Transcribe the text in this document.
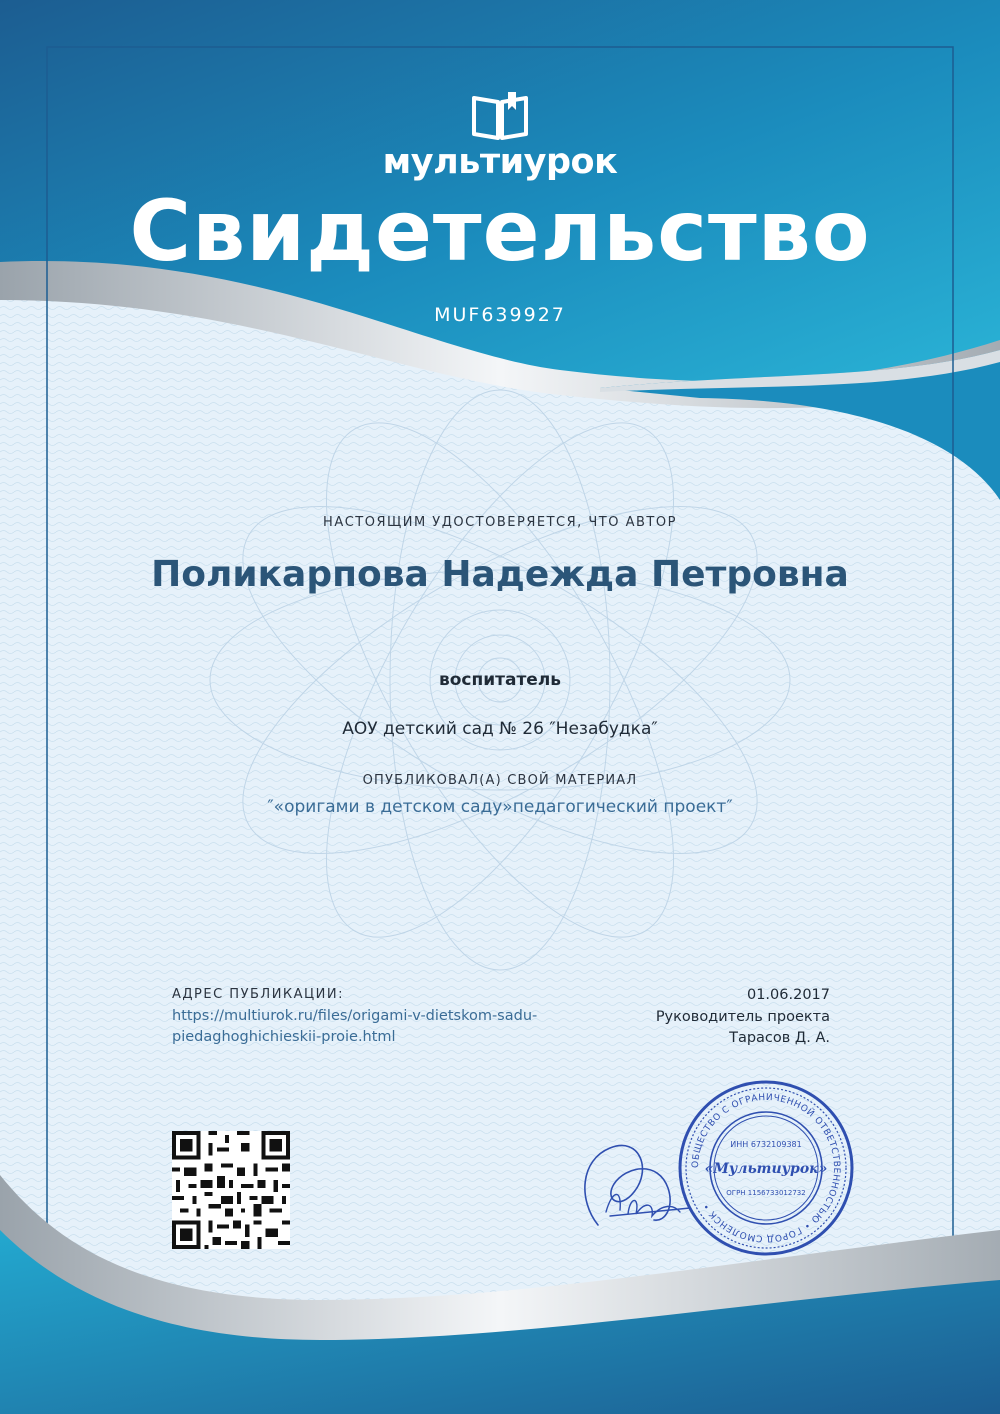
мультиурок
Свидетельство
MUF639927
НАСТОЯЩИМ УДОСТОВЕРЯЕТСЯ, ЧТО АВТОР
Поликарпова Надежда Петровна
воспитатель
АОУ детский сад № 26 ″Незабудка″
ОПУБЛИКОВАЛ(А) СВОЙ МАТЕРИАЛ
″«оригами в детском саду»педагогический проект″
АДРЕС ПУБЛИКАЦИИ:
https://multiurok.ru/files/origami-v-dietskom-sadu-piedaghoghichieskii-proie.html
01.06.2017
Руководитель проекта
Тарасов Д. А.
ОБЩЕСТВО С ОГРАНИЧЕННОЙ ОТВЕТСТВЕННОСТЬЮ • ГОРОД СМОЛЕНСК •
ИНН 6732109381
«Мультиурок»
ОГРН 1156733012732
